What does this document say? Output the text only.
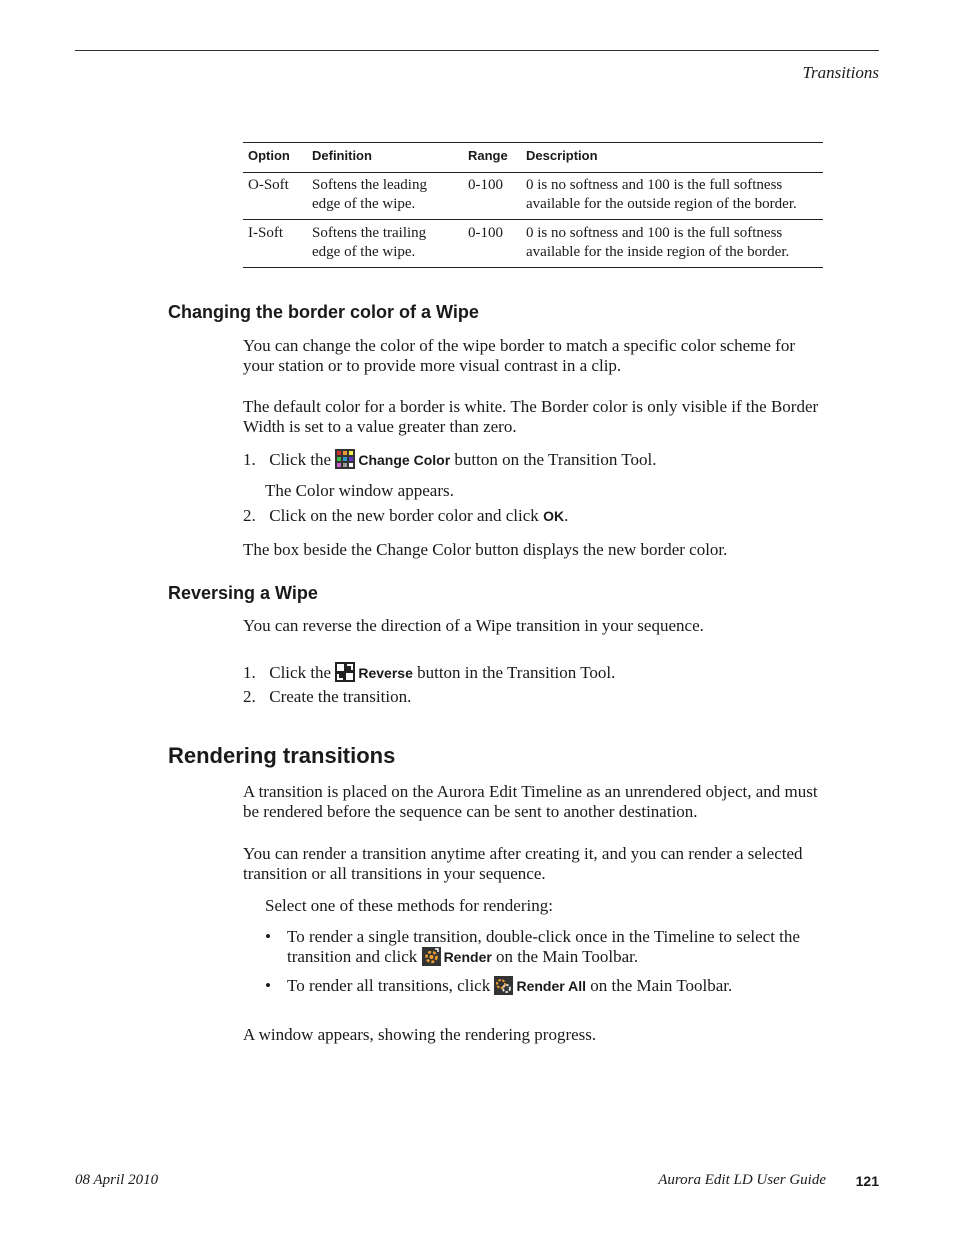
Transitions
Option	Definition	Range	Description	
O-Soft	Softens the leading edge of the wipe.	0-100	0 is no softness and 100 is the full softness available for the outside region of the border.
I-Soft	Softens the trailing edge of the wipe.	0-100	0 is no softness and 100 is the full softness available for the inside region of the border.
Changing the border color of a Wipe
You can change the color of the wipe border to match a specific color scheme for your station or to provide more visual contrast in a clip.
The default color for a border is white. The Border color is only visible if the Border Width is set to a value greater than zero.
1. Click the Change Color button on the Transition Tool.
The Color window appears.
2. Click on the new border color and click OK.
The box beside the Change Color button displays the new border color.
Reversing a Wipe
You can reverse the direction of a Wipe transition in your sequence.
1. Click the Reverse button in the Transition Tool.
2. Create the transition.
Rendering transitions
A transition is placed on the Aurora Edit Timeline as an unrendered object, and must be rendered before the sequence can be sent to another destination.
You can render a transition anytime after creating it, and you can render a selected transition or all transitions in your sequence.
Select one of these methods for rendering:
• To render a single transition, double-click once in the Timeline to select the transition and click Render on the Main Toolbar.
• To render all transitions, click Render All on the Main Toolbar.
A window appears, showing the rendering progress.
08 April 2010	Aurora Edit LD User Guide 121
